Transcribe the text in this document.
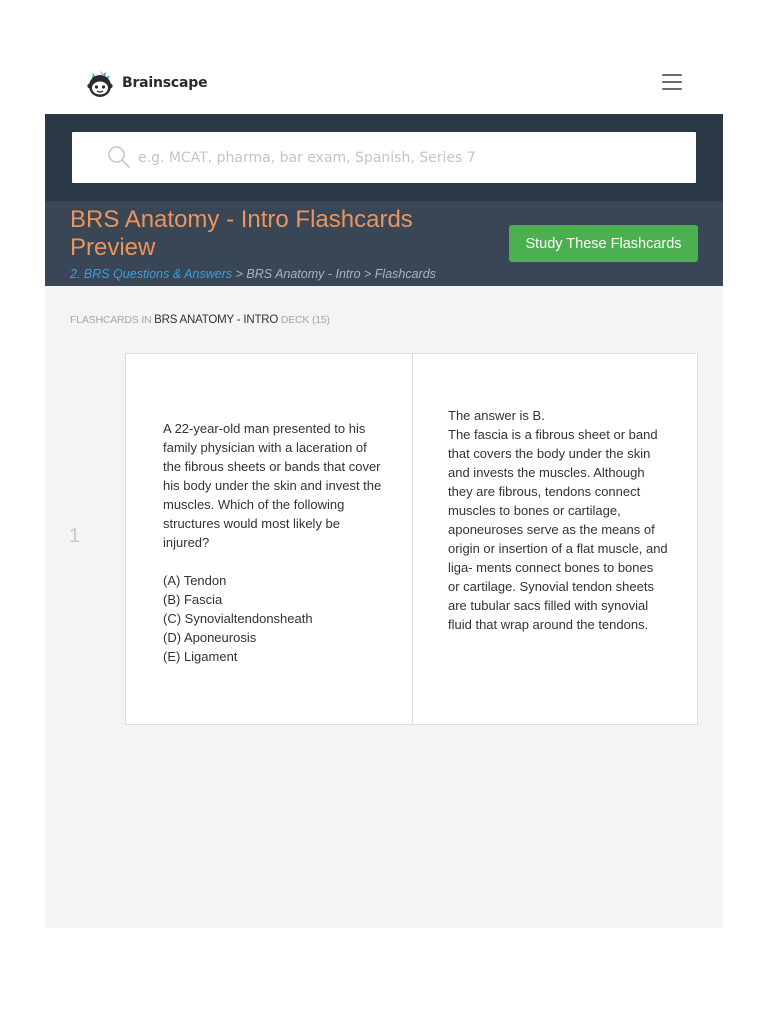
Brainscape
e.g. MCAT, pharma, bar exam, Spanish, Series 7
BRS Anatomy - Intro Flashcards Preview
2. BRS Questions & Answers > BRS Anatomy - Intro > Flashcards
Study These Flashcards
FLASHCARDS IN BRS ANATOMY - INTRO DECK (15)
1
A 22-year-old man presented to his family physician with a laceration of the fibrous sheets or bands that cover his body under the skin and invest the muscles. Which of the following structures would most likely be injured?
(A) Tendon
(B) Fascia
(C) Synovialtendonsheath
(D) Aponeurosis
(E) Ligament
The answer is B.
The fascia is a fibrous sheet or band that covers the body under the skin and invests the muscles. Although they are fibrous, tendons connect muscles to bones or cartilage, aponeuroses serve as the means of origin or insertion of a flat muscle, and liga- ments connect bones to bones or cartilage. Synovial tendon sheets are tubular sacs filled with synovial fluid that wrap around the tendons.
